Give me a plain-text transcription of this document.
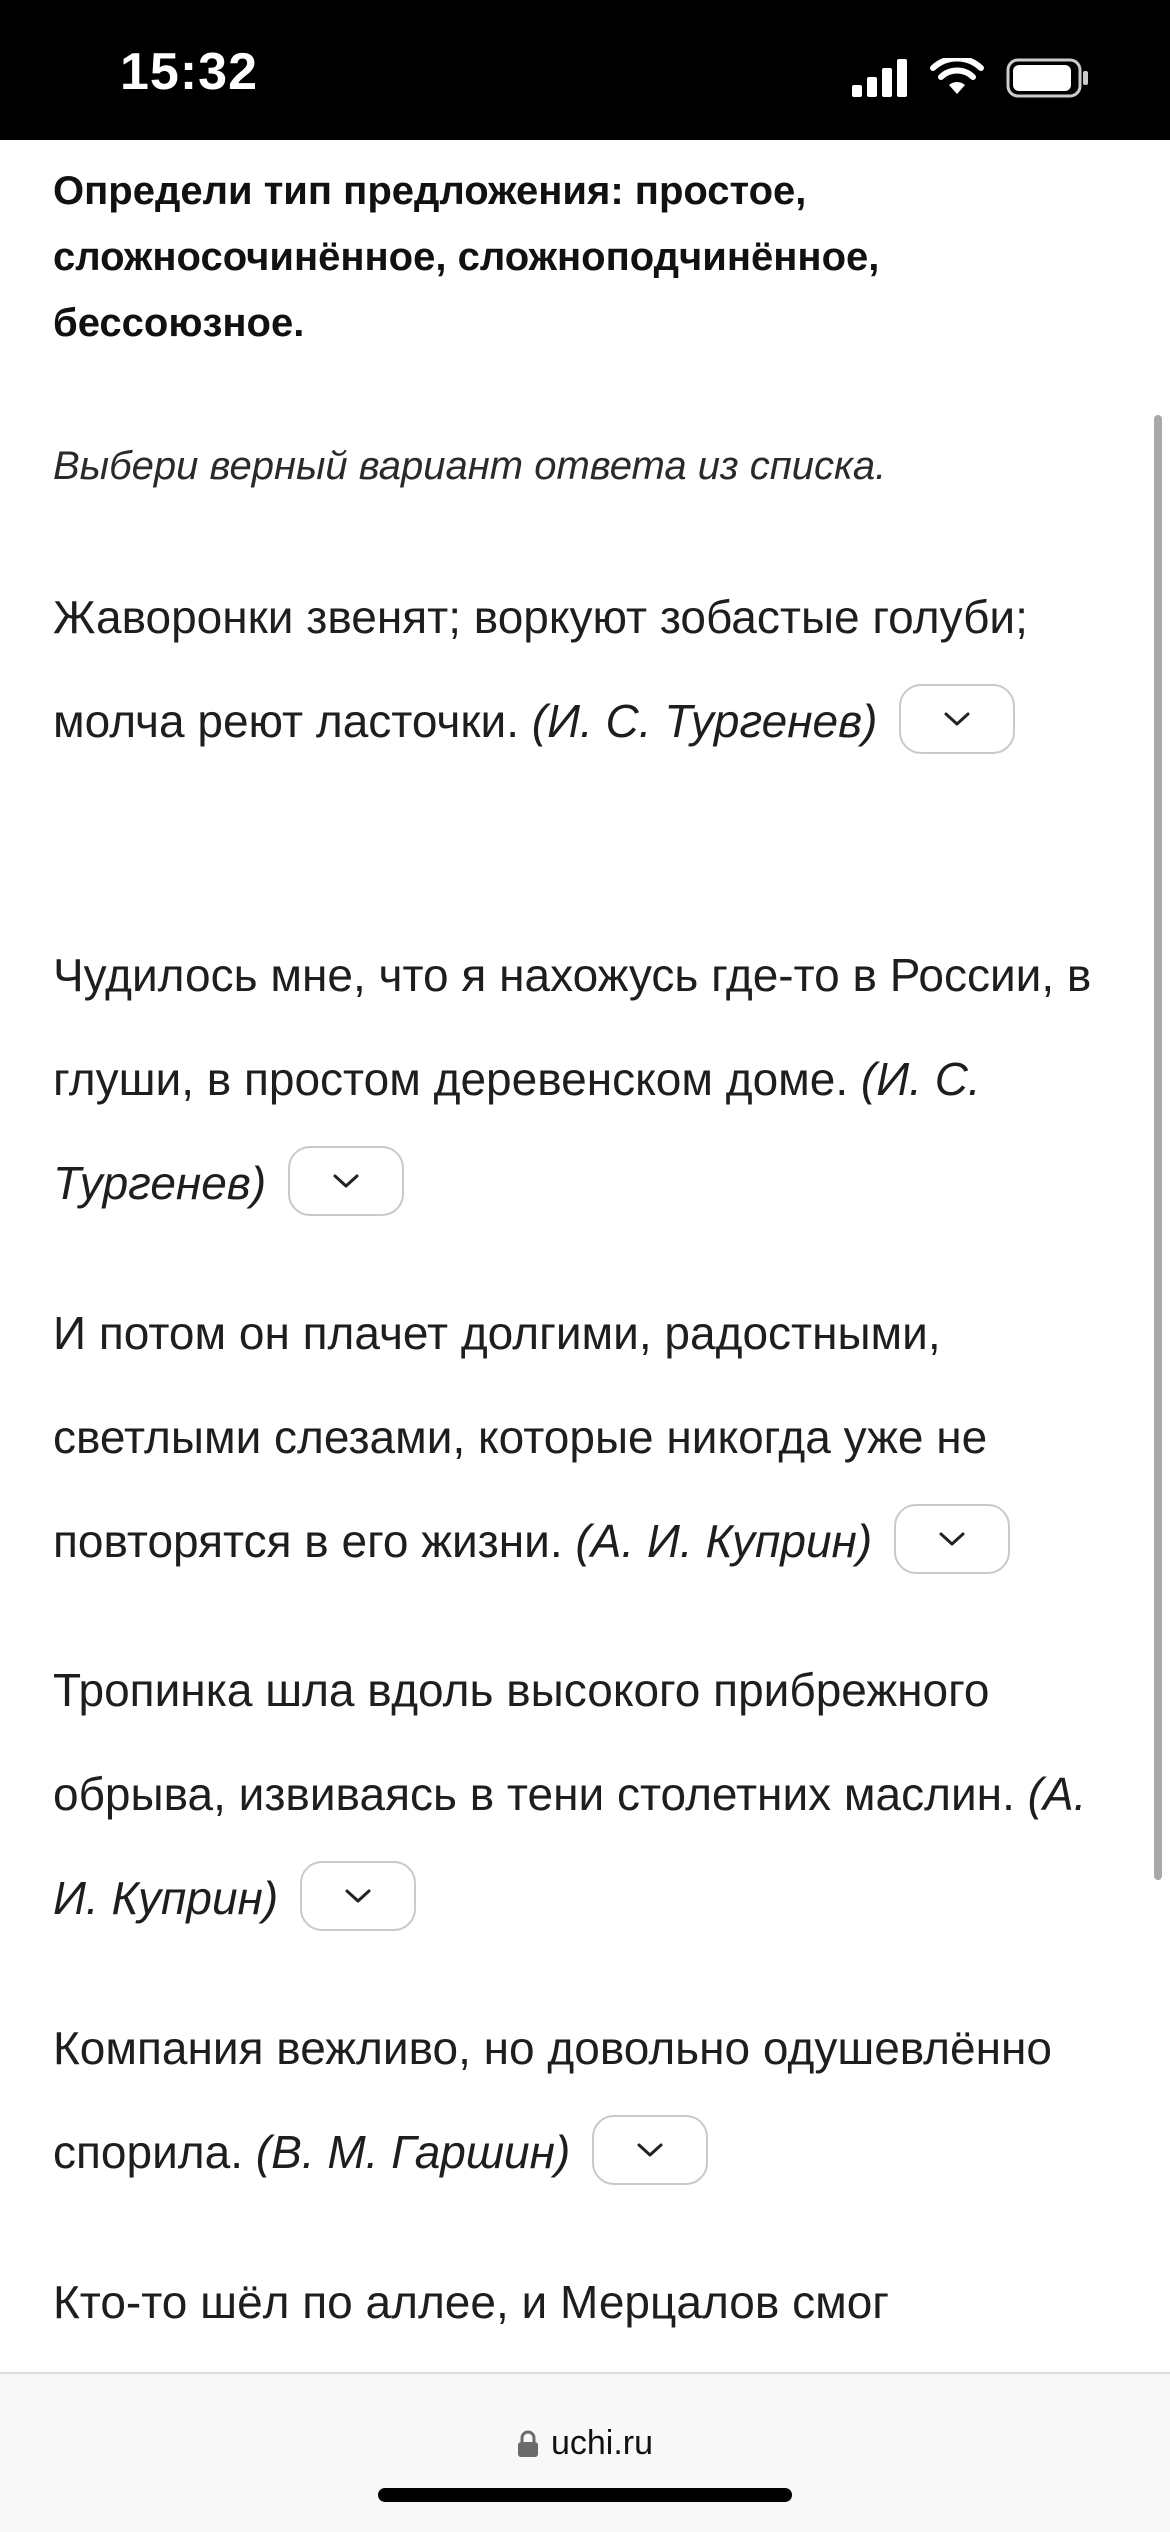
15:32
Определи тип предложения: простое, сложносочинённое, сложноподчинённое, бессоюзное.
Выбери верный вариант ответа из списка.
Жаворонки звенят; воркуют зобастые голуби; молча реют ласточки. (И. С. Тургенев)
Чудилось мне, что я нахожусь где-то в России, в глуши, в простом деревенском доме. (И. С. Тургенев)
И потом он плачет долгими, радостными, светлыми слезами, которые никогда уже не повторятся в его жизни. (А. И. Куприн)
Тропинка шла вдоль высокого прибрежного обрыва, извиваясь в тени столетних маслин. (А. И. Куприн)
Компания вежливо, но довольно одушевлённо спорила. (В. М. Гаршин)
Кто-то шёл по аллее, и Мерцалов смог
uchi.ru
